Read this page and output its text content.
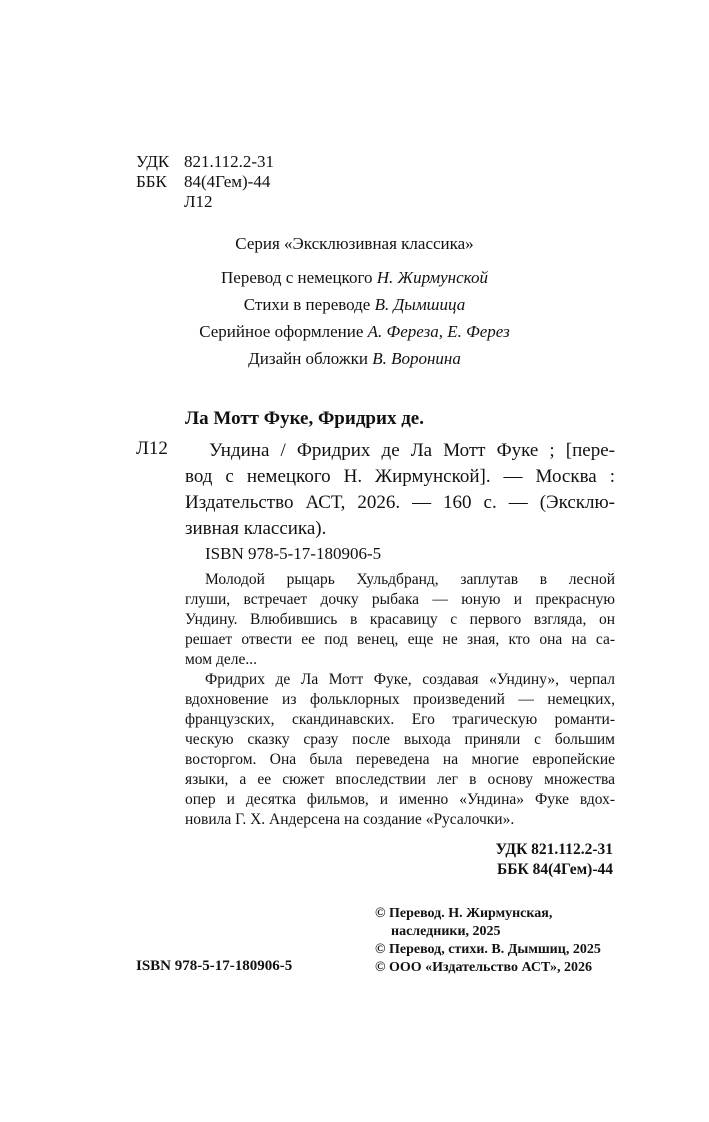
УДК 821.112.2-31
ББК	84(4Гем)-44
Л12
Серия «Эксклюзивная классика»
Перевод с немецкого Н. Жирмунской
Стихи в переводе В. Дымшица
Серийное оформление А. Фереза, Е. Ферез
Дизайн обложки В. Воронина
Ла Мотт Фуке, Фридрих де.
Л12	Ундина / Фридрих де Ла Мотт Фуке ; [пере-
вод с немецкого Н. Жирмунской]. — Москва :
Издательство АСТ, 2026. — 160 с. — (Эксклю-
зивная классика).
ISBN 978-5-17-180906-5
Молодой рыцарь Хульдбранд, заплутав в лесной
глуши, встречает дочку рыбака — юную и прекрасную
Ундину. Влюбившись в красавицу с первого взгляда, он
решает отвести ее под венец, еще не зная, кто она на са-
мом деле...
Фридрих де Ла Мотт Фуке, создавая «Ундину», черпал
вдохновение из фольклорных произведений — немецких,
французских, скандинавских. Его трагическую романти-
ческую сказку сразу после выхода приняли с большим
восторгом. Она была переведена на многие европейские
языки, а ее сюжет впоследствии лег в основу множества
опер и десятка фильмов, и именно «Ундина» Фуке вдох-
новила Г. Х. Андерсена на создание «Русалочки».
УДК 821.112.2-31
ББК 84(4Гем)-44
© Перевод. Н. Жирмунская,
наследники, 2025
© Перевод, стихи. В. Дымшиц, 2025
© ООО «Издательство АСТ», 2026
ISBN 978-5-17-180906-5
